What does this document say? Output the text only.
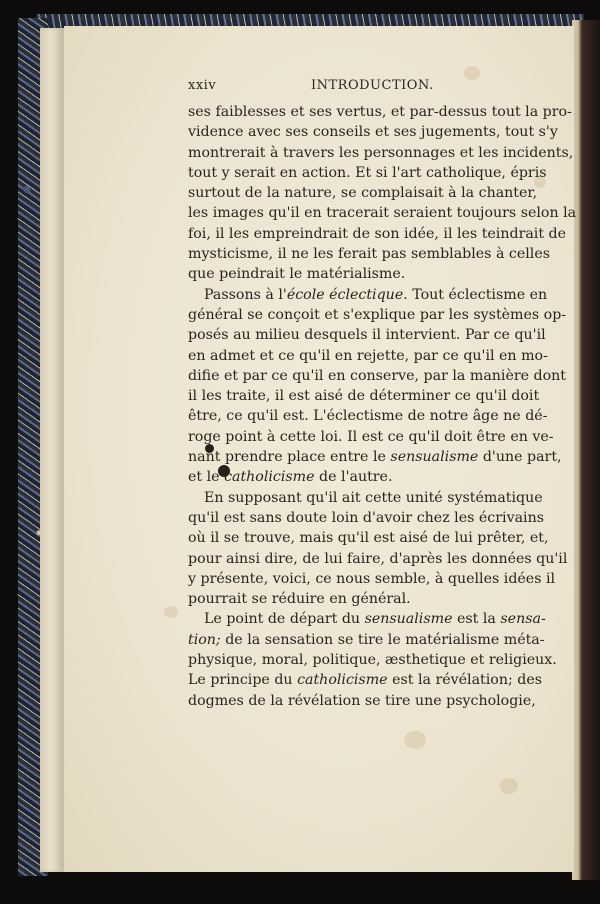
xxiv	INTRODUCTION.
ses faiblesses et ses vertus, et par-dessus tout la pro-
vidence avec ses conseils et ses jugements, tout s'y
montrerait à travers les personnages et les incidents,
tout y serait en action. Et si l'art catholique, épris
surtout de la nature, se complaisait à la chanter,
les images qu'il en tracerait seraient toujours selon la
foi, il les empreindrait de son idée, il les teindrait de
mysticisme, il ne les ferait pas semblables à celles
que peindrait le matérialisme.
Passons à l'école éclectique. Tout éclectisme en
général se conçoit et s'explique par les systèmes op-
posés au milieu desquels il intervient. Par ce qu'il
en admet et ce qu'il en rejette, par ce qu'il en mo-
difie et par ce qu'il en conserve, par la manière dont
il les traite, il est aisé de déterminer ce qu'il doit
être, ce qu'il est. L'éclectisme de notre âge ne dé-
roge point à cette loi. Il est ce qu'il doit être en ve-
nant prendre place entre le sensualisme d'une part,
et le catholicisme de l'autre.
En supposant qu'il ait cette unité systématique
qu'il est sans doute loin d'avoir chez les écrivains
où il se trouve, mais qu'il est aisé de lui prêter, et,
pour ainsi dire, de lui faire, d'après les données qu'il
y présente, voici, ce nous semble, à quelles idées il
pourrait se réduire en général.
Le point de départ du sensualisme est la sensa-
tion; de la sensation se tire le matérialisme méta-
physique, moral, politique, æsthetique et religieux.
Le principe du catholicisme est la révélation; des
dogmes de la révélation se tire une psychologie,
